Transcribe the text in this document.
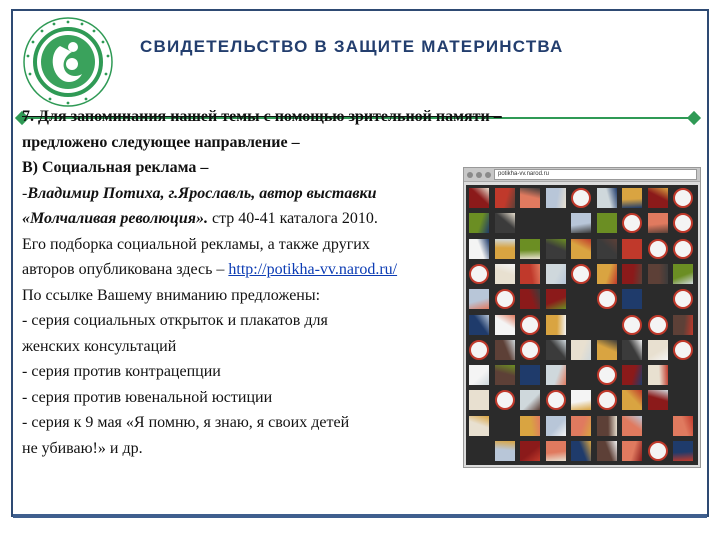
СВИДЕТЕЛЬСТВО В ЗАЩИТЕ МАТЕРИНСТВА

7. Для запоминания нашей темы с помощью зрительной памяти –

предложено следующее направление –

В) Социальная реклама –

-Владимир Потиха, г.Ярославль, автор выставки

«Молчаливая революция». стр 40-41 каталога 2010.

Его подборка социальной рекламы, а также других

авторов опубликована здесь – http://potikha-vv.narod.ru/

По ссылке Вашему вниманию предложены:

- серия социальных открыток и плакатов для

женских консультаций

- серия против контрацепции

- серия против ювенальной юстиции

- серия к 9 мая «Я помню, я знаю, я своих детей

не убиваю!» и др.

potikha-vv.narod.ru
